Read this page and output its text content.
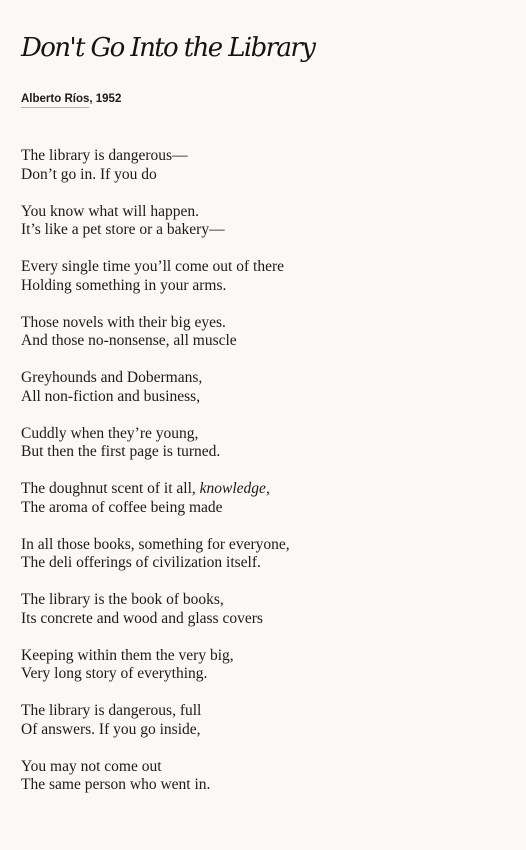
Don't Go Into the Library
Alberto Ríos, 1952
The library is dangerous—
Don’t go in. If you do
You know what will happen.
It’s like a pet store or a bakery—
Every single time you’ll come out of there
Holding something in your arms.
Those novels with their big eyes.
And those no-nonsense, all muscle
Greyhounds and Dobermans,
All non-fiction and business,
Cuddly when they’re young,
But then the first page is turned.
The doughnut scent of it all, knowledge,
The aroma of coffee being made
In all those books, something for everyone,
The deli offerings of civilization itself.
The library is the book of books,
Its concrete and wood and glass covers
Keeping within them the very big,
Very long story of everything.
The library is dangerous, full
Of answers. If you go inside,
You may not come out
The same person who went in.
